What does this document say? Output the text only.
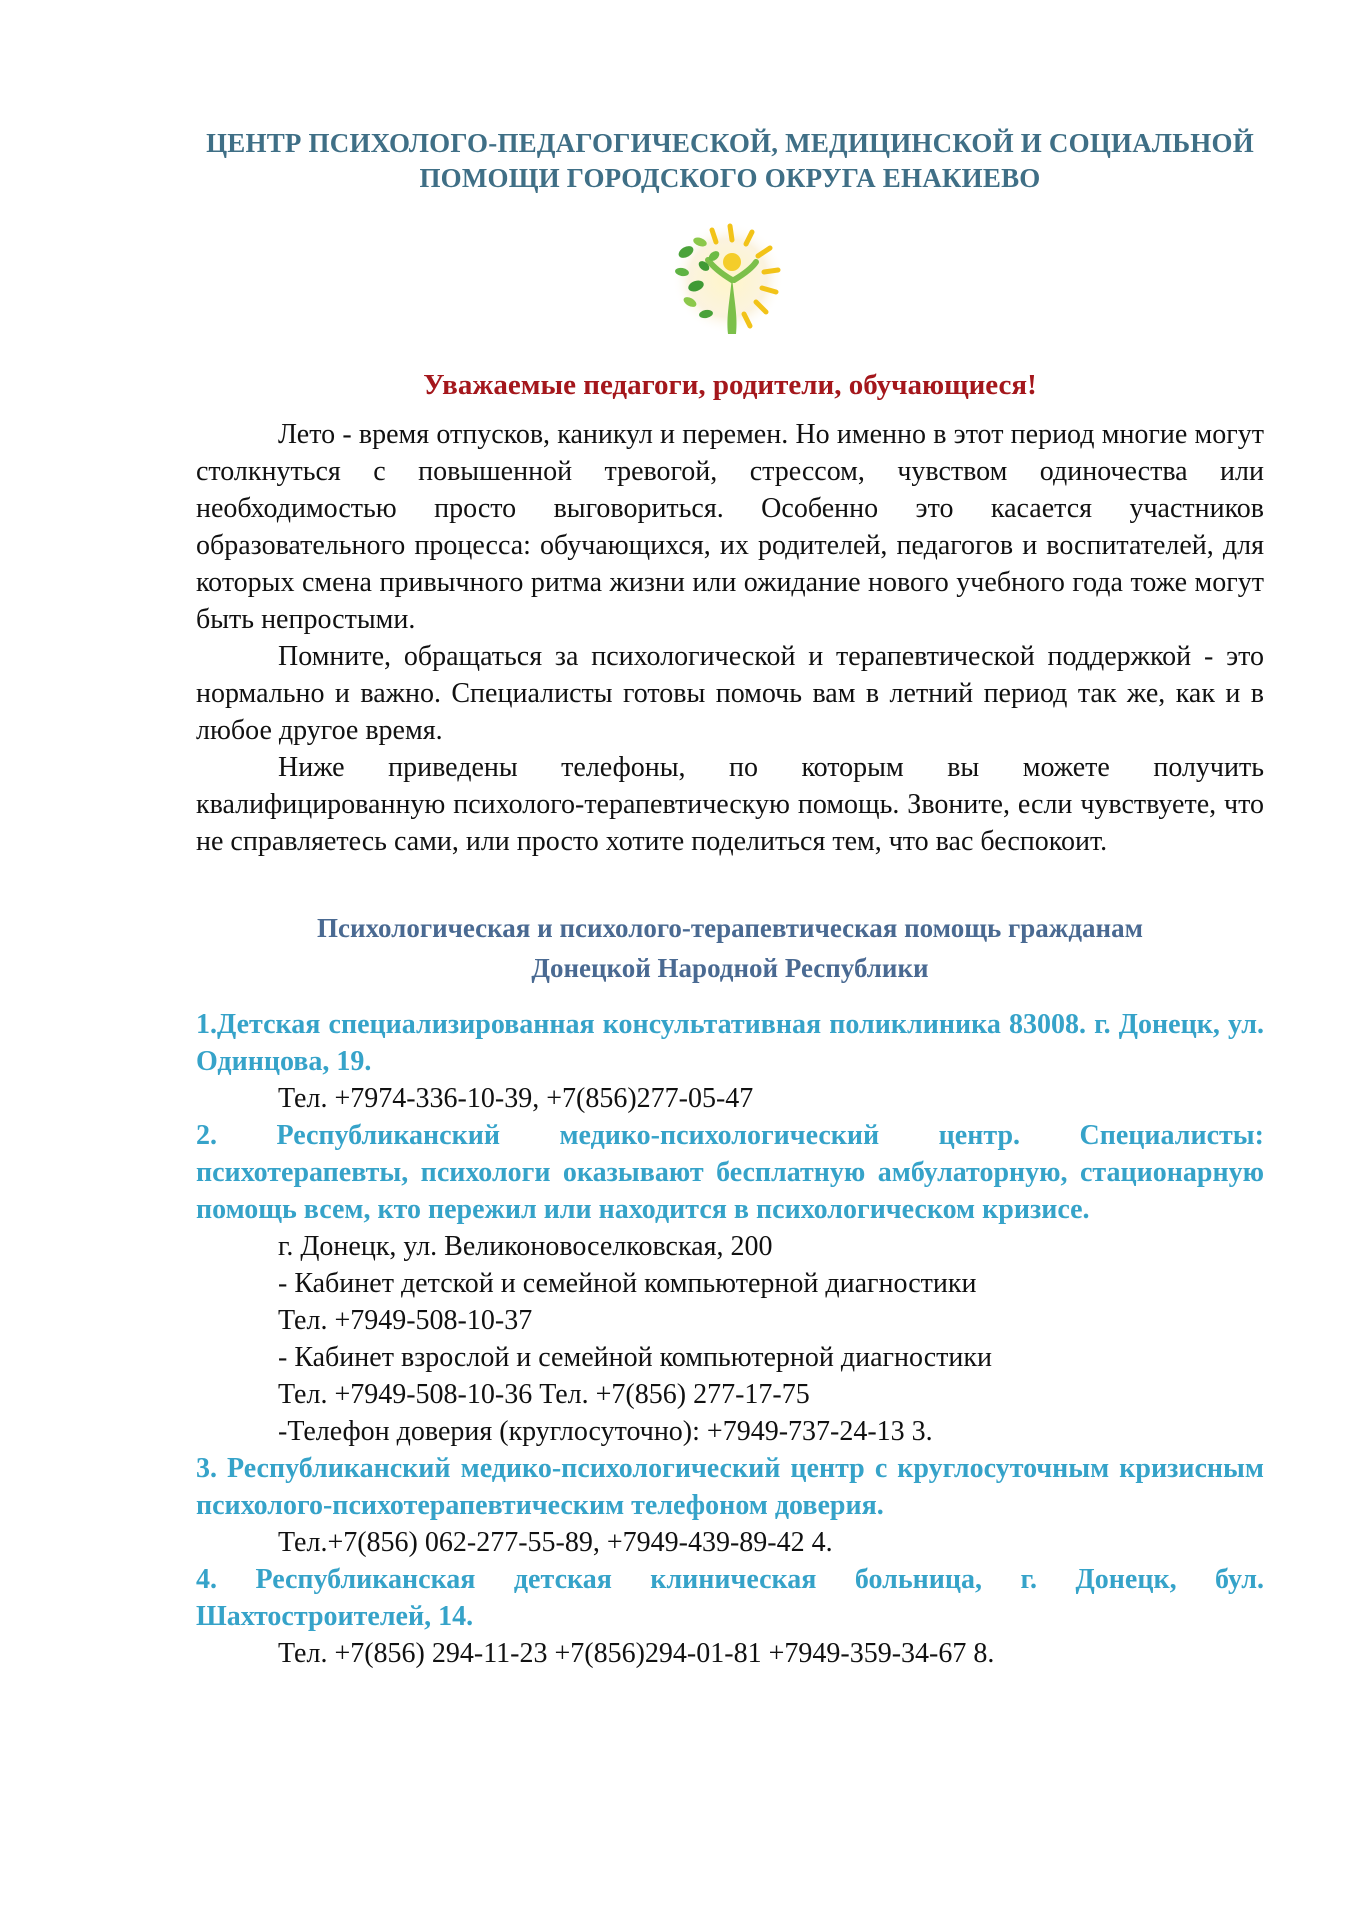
ЦЕНТР ПСИХОЛОГО-ПЕДАГОГИЧЕСКОЙ, МЕДИЦИНСКОЙ И СОЦИАЛЬНОЙ
ПОМОЩИ ГОРОДСКОГО ОКРУГА ЕНАКИЕВО
Уважаемые педагоги, родители, обучающиеся!

Лето - время отпусков, каникул и перемен. Но именно в этот период многие могут столкнуться с повышенной тревогой, стрессом, чувством одиночества или необходимостью просто выговориться. Особенно это касается участников образовательного процесса: обучающихся, их родителей, педагогов и воспитателей, для которых смена привычного ритма жизни или ожидание нового учебного года тоже могут быть непростыми.

Помните, обращаться за психологической и терапевтической поддержкой - это нормально и важно. Специалисты готовы помочь вам в летний период так же, как и в любое другое время.

Ниже приведены телефоны, по которым вы можете получить квалифицированную психолого-терапевтическую помощь. Звоните, если чувствуете, что не справляетесь сами, или просто хотите поделиться тем, что вас беспокоит.

Психологическая и психолого-терапевтическая помощь гражданам
Донецкой Народной Республики

1.Детская специализированная консультативная поликлиника 83008. г. Донецк, ул. Одинцова, 19.

Тел. +7974-336-10-39, +7(856)277-05-47

2. Республиканский медико-психологический центр. Специалисты: психотерапевты, психологи оказывают бесплатную амбулаторную, стационарную помощь всем, кто пережил или находится в психологическом кризисе.

г. Донецк, ул. Великоновоселковская, 200

- Кабинет детской и семейной компьютерной диагностики

Тел. +7949-508-10-37

- Кабинет взрослой и семейной компьютерной диагностики

Тел. +7949-508-10-36 Тел. +7(856) 277-17-75

-Телефон доверия (круглосуточно): +7949-737-24-13 3.

3. Республиканский медико-психологический центр с круглосуточным кризисным психолого-психотерапевтическим телефоном доверия.

Тел.+7(856) 062-277-55-89, +7949-439-89-42 4.

4. Республиканская детская клиническая больница, г. Донецк, бул. Шахтостроителей, 14.

Тел. +7(856) 294-11-23 +7(856)294-01-81 +7949-359-34-67 8.
